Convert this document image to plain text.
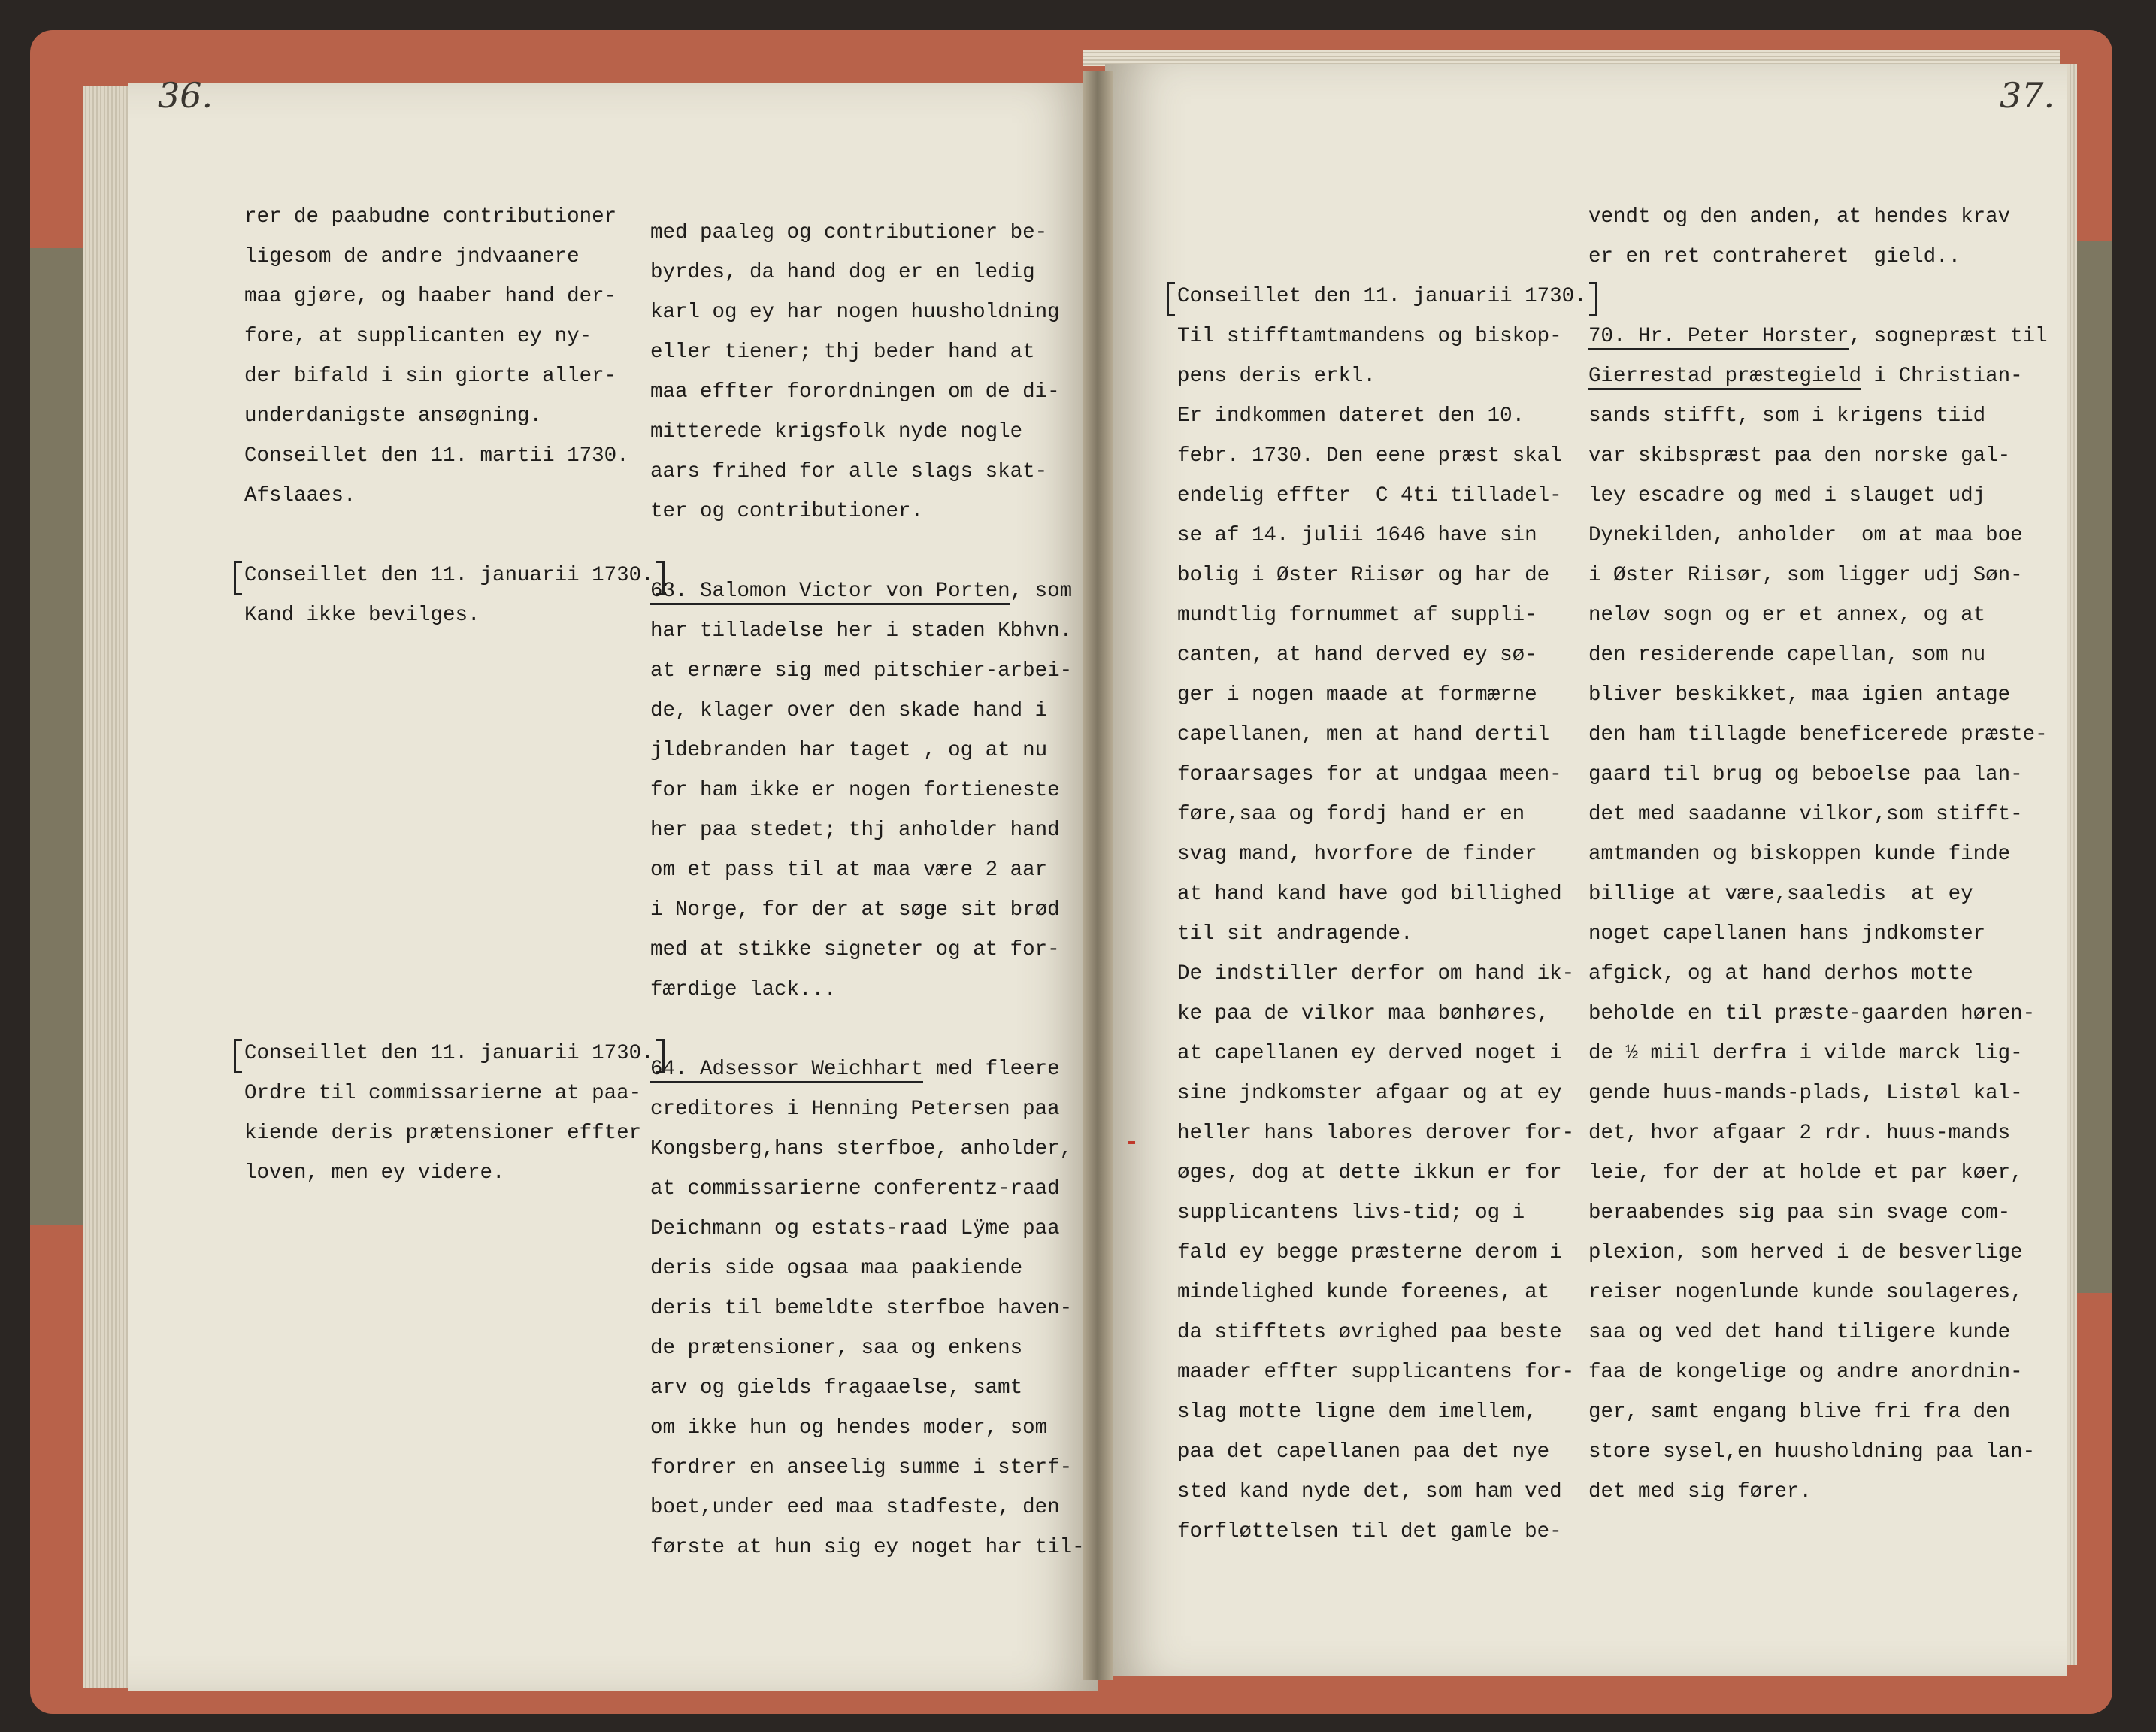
36.	37.
rer de paabudne contributioner
ligesom de andre jndvaanere
maa gjøre, og haaber hand der-
fore, at supplicanten ey ny-
der bifald i sin giorte aller-
underdanigste ansøgning.
Conseillet den 11. martii 1730.
Afslaaes.
Conseillet den 11. januarii 1730.
Kand ikke bevilges.
Conseillet den 11. januarii 1730.
Ordre til commissarierne at paa-
kiende deris prætensioner effter
loven, men ey videre.
med paaleg og contributioner be-
byrdes, da hand dog er en ledig
karl og ey har nogen huusholdning
eller tiener; thj beder hand at
maa effter forordningen om de di-
mitterede krigsfolk nyde nogle
aars frihed for alle slags skat-
ter og contributioner.
63. Salomon Victor von Porten, som
har tilladelse her i staden Kbhvn.
at ernære sig med pitschier-arbei-
de, klager over den skade hand i
jldebranden har taget , og at nu
for ham ikke er nogen fortieneste
her paa stedet; thj anholder hand
om et pass til at maa være 2 aar
i Norge, for der at søge sit brød
med at stikke signeter og at for-
færdige lack...
64. Adsessor Weichhart med fleere
creditores i Henning Petersen paa
Kongsberg,hans sterfboe, anholder,
at commissarierne conferentz-raad
Deichmann og estats-raad Lÿme paa
deris side ogsaa maa paakiende
deris til bemeldte sterfboe haven-
de prætensioner, saa og enkens
arv og gields fragaaelse, samt
om ikke hun og hendes moder, som
fordrer en anseelig summe i sterf-
boet,under eed maa stadfeste, den
første at hun sig ey noget har til-
Conseillet den 11. januarii 1730.
Til stifftamtmandens og biskop-
pens deris erkl.
Er indkommen dateret den 10.
febr. 1730. Den eene præst skal
endelig effter  C 4ti tilladel-
se af 14. julii 1646 have sin
bolig i Øster Riisør og har de
mundtlig fornummet af suppli-
canten, at hand derved ey sø-
ger i nogen maade at formærne
capellanen, men at hand dertil
foraarsages for at undgaa meen-
føre,saa og fordj hand er en
svag mand, hvorfore de finder
at hand kand have god billighed
til sit andragende.
De indstiller derfor om hand ik-
ke paa de vilkor maa bønhøres,
at capellanen ey derved noget i
sine jndkomster afgaar og at ey
heller hans labores derover for-
øges, dog at dette ikkun er for
supplicantens livs-tid; og i
fald ey begge præsterne derom i
mindelighed kunde foreenes, at
da stifftets øvrighed paa beste
maader effter supplicantens for-
slag motte ligne dem imellem,
paa det capellanen paa det nye
sted kand nyde det, som ham ved
forfløttelsen til det gamle be-
vendt og den anden, at hendes krav
er en ret contraheret  gield..
70. Hr. Peter Horster, sognepræst til
Gierrestad præstegield i Christian-
sands stifft, som i krigens tiid
var skibspræst paa den norske gal-
ley escadre og med i slauget udj
Dynekilden, anholder  om at maa boe
i Øster Riisør, som ligger udj Søn-
neløv sogn og er et annex, og at
den residerende capellan, som nu
bliver beskikket, maa igien antage
den ham tillagde beneficerede præste-
gaard til brug og beboelse paa lan-
det med saadanne vilkor,som stifft-
amtmanden og biskoppen kunde finde
billige at være,saaledis  at ey
noget capellanen hans jndkomster
afgick, og at hand derhos motte
beholde en til præste-gaarden høren-
de ½ miil derfra i vilde marck lig-
gende huus-mands-plads, Listøl kal-
det, hvor afgaar 2 rdr. huus-mands
leie, for der at holde et par køer,
beraabendes sig paa sin svage com-
plexion, som herved i de besverlige
reiser nogenlunde kunde soulageres,
saa og ved det hand tiligere kunde
faa de kongelige og andre anordnin-
ger, samt engang blive fri fra den
store sysel,en huusholdning paa lan-
det med sig fører.
